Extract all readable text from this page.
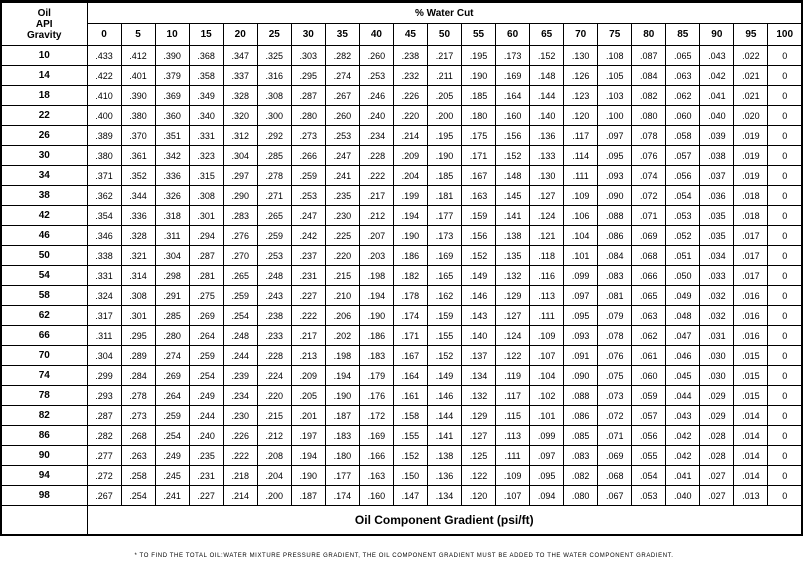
Oil
API
Gravity	% Water Cut																				
	0	5	10	15	20	25	30	35	40	45	50	55	60	65	70	75	80	85	90	95	100
10	.433	.412	.390	.368	.347	.325	.303	.282	.260	.238	.217	.195	.173	.152	.130	.108	.087	.065	.043	.022	0
14	.422	.401	.379	.358	.337	.316	.295	.274	.253	.232	.211	.190	.169	.148	.126	.105	.084	.063	.042	.021	0
18	.410	.390	.369	.349	.328	.308	.287	.267	.246	.226	.205	.185	.164	.144	.123	.103	.082	.062	.041	.021	0
22	.400	.380	.360	.340	.320	.300	.280	.260	.240	.220	.200	.180	.160	.140	.120	.100	.080	.060	.040	.020	0
26	.389	.370	.351	.331	.312	.292	.273	.253	.234	.214	.195	.175	.156	.136	.117	.097	.078	.058	.039	.019	0
30	.380	.361	.342	.323	.304	.285	.266	.247	.228	.209	.190	.171	.152	.133	.114	.095	.076	.057	.038	.019	0
34	.371	.352	.336	.315	.297	.278	.259	.241	.222	.204	.185	.167	.148	.130	.111	.093	.074	.056	.037	.019	0
38	.362	.344	.326	.308	.290	.271	.253	.235	.217	.199	.181	.163	.145	.127	.109	.090	.072	.054	.036	.018	0
42	.354	.336	.318	.301	.283	.265	.247	.230	.212	.194	.177	.159	.141	.124	.106	.088	.071	.053	.035	.018	0
46	.346	.328	.311	.294	.276	.259	.242	.225	.207	.190	.173	.156	.138	.121	.104	.086	.069	.052	.035	.017	0
50	.338	.321	.304	.287	.270	.253	.237	.220	.203	.186	.169	.152	.135	.118	.101	.084	.068	.051	.034	.017	0
54	.331	.314	.298	.281	.265	.248	.231	.215	.198	.182	.165	.149	.132	.116	.099	.083	.066	.050	.033	.017	0
58	.324	.308	.291	.275	.259	.243	.227	.210	.194	.178	.162	.146	.129	.113	.097	.081	.065	.049	.032	.016	0
62	.317	.301	.285	.269	.254	.238	.222	.206	.190	.174	.159	.143	.127	.111	.095	.079	.063	.048	.032	.016	0
66	.311	.295	.280	.264	.248	.233	.217	.202	.186	.171	.155	.140	.124	.109	.093	.078	.062	.047	.031	.016	0
70	.304	.289	.274	.259	.244	.228	.213	.198	.183	.167	.152	.137	.122	.107	.091	.076	.061	.046	.030	.015	0
74	.299	.284	.269	.254	.239	.224	.209	.194	.179	.164	.149	.134	.119	.104	.090	.075	.060	.045	.030	.015	0
78	.293	.278	.264	.249	.234	.220	.205	.190	.176	.161	.146	.132	.117	.102	.088	.073	.059	.044	.029	.015	0
82	.287	.273	.259	.244	.230	.215	.201	.187	.172	.158	.144	.129	.115	.101	.086	.072	.057	.043	.029	.014	0
86	.282	.268	.254	.240	.226	.212	.197	.183	.169	.155	.141	.127	.113	.099	.085	.071	.056	.042	.028	.014	0
90	.277	.263	.249	.235	.222	.208	.194	.180	.166	.152	.138	.125	.111	.097	.083	.069	.055	.042	.028	.014	0
94	.272	.258	.245	.231	.218	.204	.190	.177	.163	.150	.136	.122	.109	.095	.082	.068	.054	.041	.027	.014	0
98	.267	.254	.241	.227	.214	.200	.187	.174	.160	.147	.134	.120	.107	.094	.080	.067	.053	.040	.027	.013	0
	Oil Component Gradient (psi/ft)																				
* TO FIND THE TOTAL OIL:WATER MIXTURE PRESSURE GRADIENT, THE OIL COMPONENT GRADIENT MUST BE ADDED TO THE WATER COMPONENT GRADIENT.
